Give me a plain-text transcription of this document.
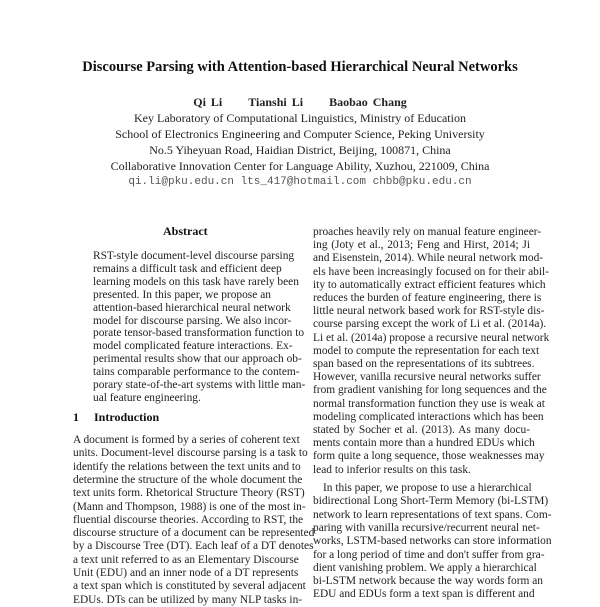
Discourse Parsing with Attention-based Hierarchical Neural Networks
Qi Li Tianshi Li Baobao Chang
Key Laboratory of Computational Linguistics, Ministry of Education
School of Electronics Engineering and Computer Science, Peking University
No.5 Yiheyuan Road, Haidian District, Beijing, 100871, China
Collaborative Innovation Center for Language Ability, Xuzhou, 221009, China
qi.li@pku.edu.cn lts_417@hotmail.com chbb@pku.edu.cn
Abstract
1 Introduction
RST-style document-level discourse parsing
remains a difficult task and efficient deep
learning models on this task have rarely been
presented. In this paper, we propose an
attention-based hierarchical neural network
model for discourse parsing. We also incor-
porate tensor-based transformation function to
model complicated feature interactions. Ex-
perimental results show that our approach ob-
tains comparable performance to the contem-
porary state-of-the-art systems with little man-
ual feature engineering.
A document is formed by a series of coherent text
units. Document-level discourse parsing is a task to
identify the relations between the text units and to
determine the structure of the whole document the
text units form. Rhetorical Structure Theory (RST)
(Mann and Thompson, 1988) is one of the most in-
fluential discourse theories. According to RST, the
discourse structure of a document can be represented
by a Discourse Tree (DT). Each leaf of a DT denotes
a text unit referred to as an Elementary Discourse
Unit (EDU) and an inner node of a DT represents
a text span which is constituted by several adjacent
EDUs. DTs can be utilized by many NLP tasks in-
proaches heavily rely on manual feature engineer-
ing (Joty et al., 2013; Feng and Hirst, 2014; Ji
and Eisenstein, 2014). While neural network mod-
els have been increasingly focused on for their abil-
ity to automatically extract efficient features which
reduces the burden of feature engineering, there is
little neural network based work for RST-style dis-
course parsing except the work of Li et al. (2014a).
Li et al. (2014a) propose a recursive neural network
model to compute the representation for each text
span based on the representations of its subtrees.
However, vanilla recursive neural networks suffer
from gradient vanishing for long sequences and the
normal transformation function they use is weak at
modeling complicated interactions which has been
stated by Socher et al. (2013). As many docu-
ments contain more than a hundred EDUs which
form quite a long sequence, those weaknesses may
lead to inferior results on this task.
In this paper, we propose to use a hierarchical
bidirectional Long Short-Term Memory (bi-LSTM)
network to learn representations of text spans. Com-
paring with vanilla recursive/recurrent neural net-
works, LSTM-based networks can store information
for a long period of time and don't suffer from gra-
dient vanishing problem. We apply a hierarchical
bi-LSTM network because the way words form an
EDU and EDUs form a text span is different and
